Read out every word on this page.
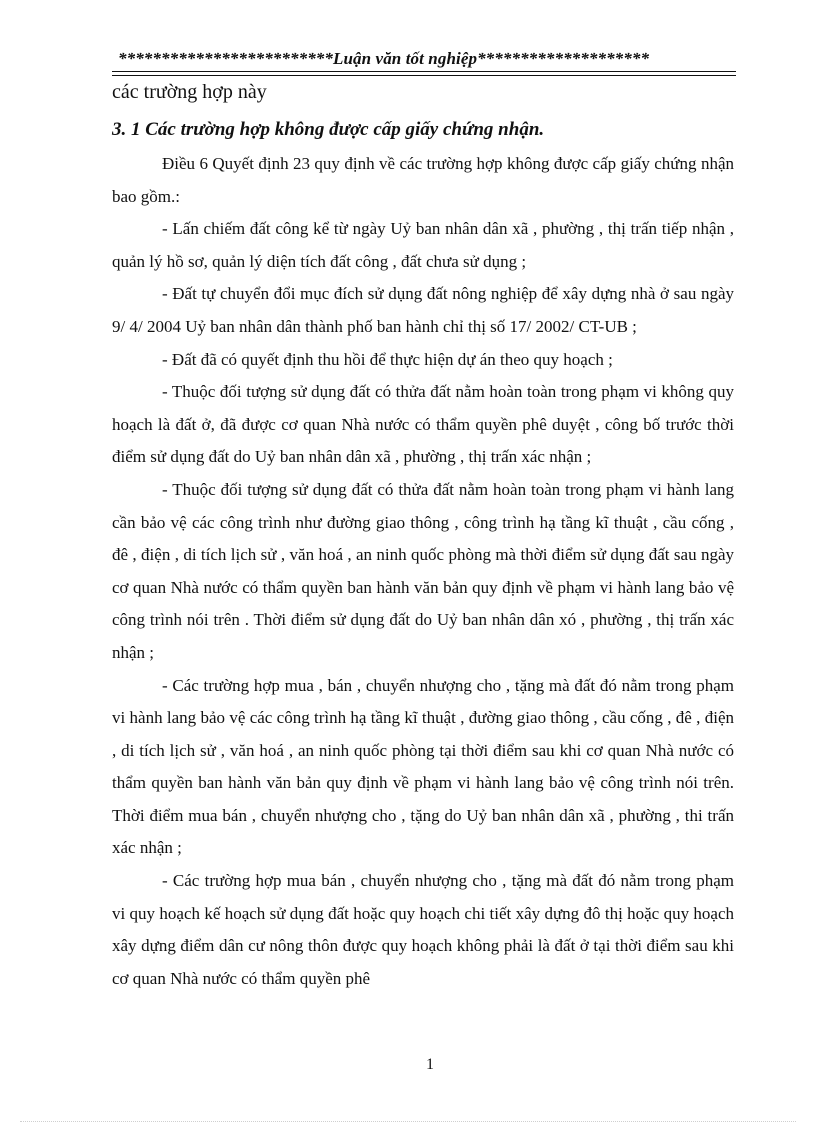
*************************Luận văn tốt nghiệp********************
các trường hợp này
3. 1 Các trường hợp không được cấp giấy chứng nhận.

Điều 6 Quyết định 23 quy định về các trường hợp không được cấp giấy chứng nhận bao gồm.:

- Lấn chiếm đất công kể từ ngày Uỷ ban nhân dân xã , phường , thị trấn tiếp nhận , quản lý hồ sơ, quản lý diện tích đất công , đất chưa sử dụng ;

- Đất tự chuyển đổi mục đích sử dụng đất nông nghiệp để xây dựng nhà ở sau ngày 9/ 4/ 2004 Uỷ ban nhân dân thành phố ban hành chỉ thị số 17/ 2002/ CT-UB ;

- Đất đã có quyết định thu hồi để thực hiện dự án theo quy hoạch ;

- Thuộc đối tượng sử dụng đất có thửa đất nằm hoàn toàn trong phạm vi không quy hoạch là đất ở, đã được cơ quan Nhà nước có thẩm quyền phê duyệt , công bố trước thời điểm sử dụng đất do Uỷ ban nhân dân xã , phường , thị trấn xác nhận ;

- Thuộc đối tượng sử dụng đất có thửa đất nằm hoàn toàn trong phạm vi hành lang cần bảo vệ các công trình như đường giao thông , công trình hạ tầng kĩ thuật , cầu cống , đê , điện , di tích lịch sử , văn hoá , an ninh quốc phòng mà thời điểm sử dụng đất sau ngày cơ quan Nhà nước có thẩm quyền ban hành văn bản quy định về phạm vi hành lang bảo vệ công trình nói trên . Thời điểm sử dụng đất do Uỷ ban nhân dân xó , phường , thị trấn xác nhận ;

- Các trường hợp mua , bán , chuyển nhượng cho , tặng mà đất đó nằm trong phạm vi hành lang bảo vệ các công trình hạ tầng kĩ thuật , đường giao thông , cầu cống , đê , điện , di tích lịch sử , văn hoá , an ninh quốc phòng tại thời điểm sau khi cơ quan Nhà nước có thẩm quyền ban hành văn bản quy định về phạm vi hành lang bảo vệ công trình nói trên. Thời điểm mua bán , chuyển nhượng cho , tặng do Uỷ ban nhân dân xã , phường , thi trấn xác nhận ;

- Các trường hợp mua bán , chuyển nhượng cho , tặng mà đất đó nằm trong phạm vi quy hoạch kế hoạch sử dụng đất hoặc quy hoạch chi tiết xây dựng đô thị hoặc quy hoạch xây dựng điểm dân cư nông thôn được quy hoạch không phải là đất ở tại thời điểm sau khi cơ quan Nhà nước có thẩm quyền phê

1
